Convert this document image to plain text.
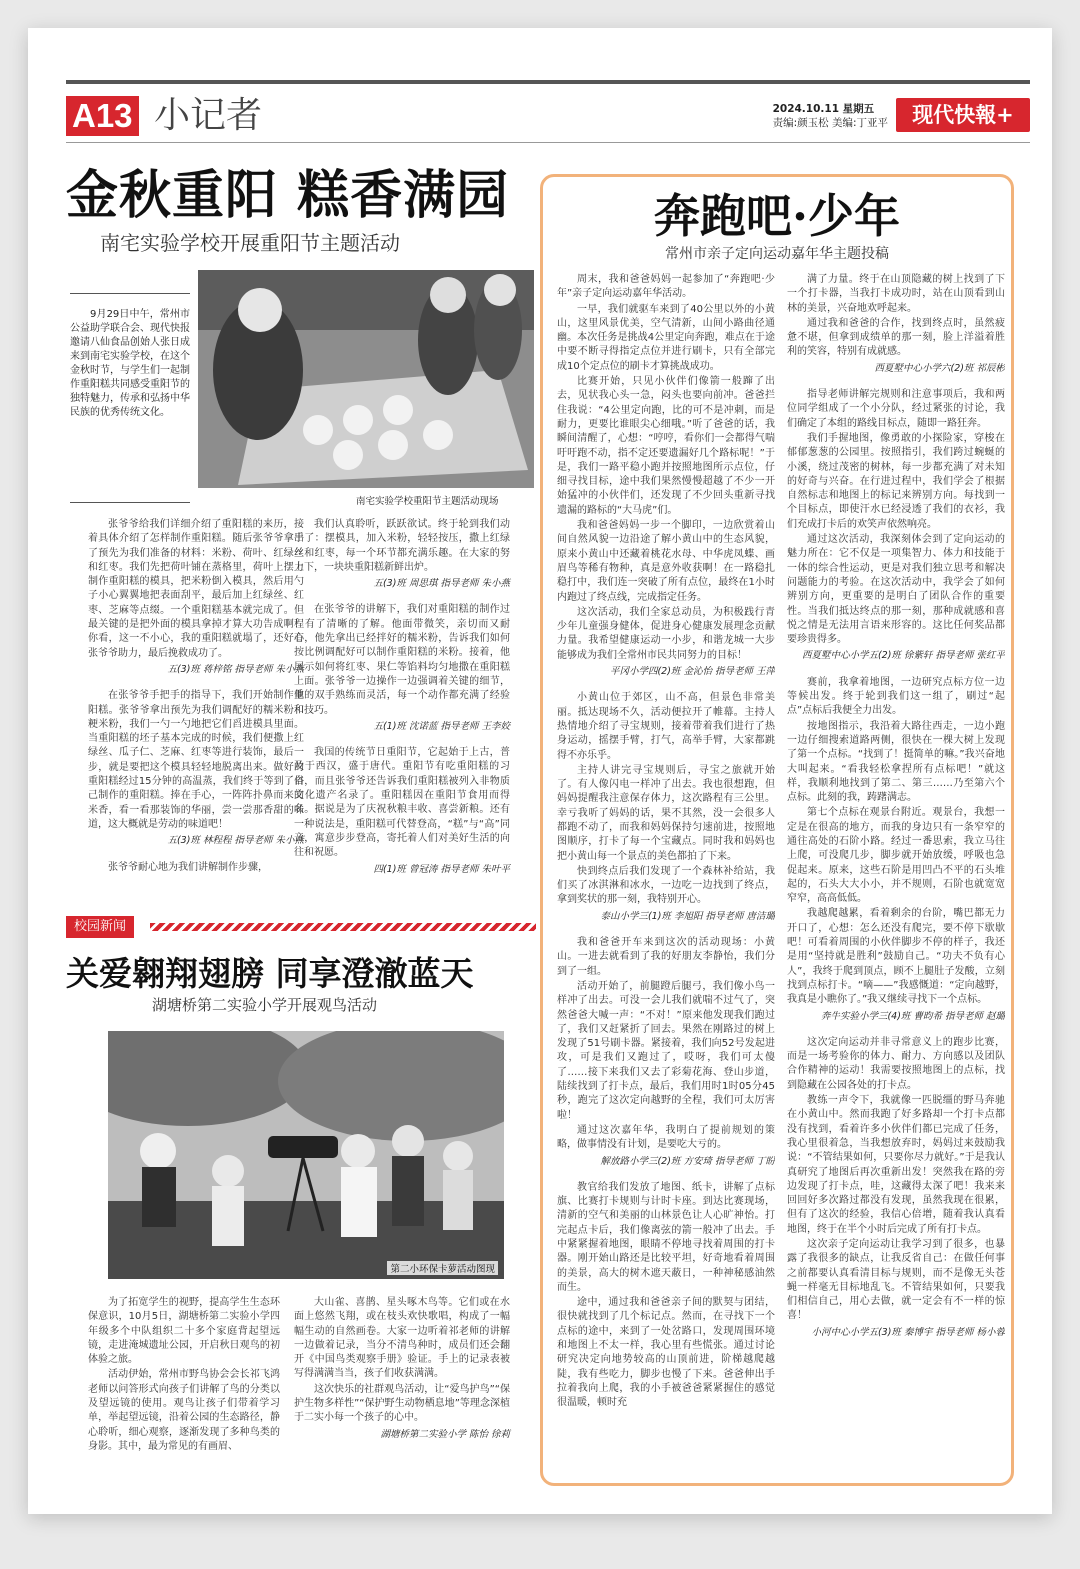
A13 小记者	2024.10.11 星期五
责编:颜玉松 美编:丁亚平	现代快報+
金秋重阳 糕香满园
南宅实验学校开展重阳节主题活动

9月29日中午，常州市公益助学联合会、现代快报邀请八仙食品创始人张日成来到南宅实验学校，在这个金秋时节，与学生们一起制作重阳糕共同感受重阳节的独特魅力，传承和弘扬中华民族的优秀传统文化。

南宅实验学校重阳节主题活动现场

张爷爷给我们详细介绍了重阳糕的来历，接着具体介绍了怎样制作重阳糕。随后张爷爷拿出了预先为我们准备的材料：米粉、荷叶、红绿丝和红枣。我们先把荷叶铺在蒸格里，荷叶上摆上制作重阳糕的模具，把米粉倒入模具，然后用勺子小心翼翼地把表面刮平，最后加上红绿丝、红枣、芝麻等点缀。一个重阳糕基本就完成了。但最关键的是把外面的模具拿掉才算大功告成啊！你看，这一不小心，我的重阳糕就塌了，还好有张爷爷助力，最后挽救成功了。

五(3)班 蒋梓铭 指导老师 朱小燕

在张爷爷手把手的指导下，我们开始制作重阳糕。张爷爷拿出预先为我们调配好的糯米粉和粳米粉，我们一勺一勺地把它们舀进模具里面。当重阳糕的坯子基本完成的时候，我们便撒上红绿丝、瓜子仁、芝麻、红枣等进行装饰，最后一步，就是要把这个模具轻轻地脱离出来。做好的重阳糕经过15分钟的高温蒸，我们终于等到了自己制作的重阳糕。捧在手心，一阵阵扑鼻而来的米香，看一看那装饰的华丽，尝一尝那香甜的味道，这大概就是劳动的味道吧！

五(3)班 林程程 指导老师 朱小燕

张爷爷耐心地为我们讲解制作步骤，

我们认真聆听，跃跃欲试。终于轮到我们动手了：摆模具，加入米粉，轻轻按压，撒上红绿丝和红枣，每一个环节都充满乐趣。在大家的努力下，一块块重阳糕新鲜出炉。

五(3)班 周思琪 指导老师 朱小燕

在张爷爷的讲解下，我们对重阳糕的制作过程有了清晰的了解。他面带微笑，亲切而又耐心，他先拿出已经拌好的糯米粉，告诉我们如何按比例调配好可以制作重阳糕的米粉。接着，他展示如何将红枣、果仁等馅料均匀地撒在重阳糕上面。张爷爷一边操作一边强调着关键的细节，他的双手熟练而灵活，每一个动作都充满了经验和技巧。

五(1)班 沈诺蓝 指导老师 王李姣

我国的传统节日重阳节，它起始于上古，普及于西汉，盛于唐代。重阳节有吃重阳糕的习俗，而且张爷爷还告诉我们重阳糕被列入非物质文化遗产名录了。重阳糕因在重阳节食用而得名。据说是为了庆祝秋粮丰收、喜尝新粮。还有一种说法是，重阳糕可代替登高，“糕”与“高”同音，寓意步步登高，寄托着人们对美好生活的向往和祝愿。

四(1)班 曾冠涛 指导老师 朱叶平
校园新闻
关爱翱翔翅膀 同享澄澈蓝天
湖塘桥第二实验小学开展观鸟活动
第二小环保卡萝活动图现

为了拓宽学生的视野，提高学生生态环保意识，10月5日，湖塘桥第二实验小学四年级多个中队组织二十多个家庭背起望远镜，走进淹城遗址公园，开启秋日观鸟的初体验之旅。

活动伊始，常州市野鸟协会会长祁飞鸿老师以问答形式向孩子们讲解了鸟的分类以及望远镜的使用。观鸟让孩子们带着学习单，举起望远镜，沿着公园的生态路径，静心聆听，细心观察，逐渐发现了多种鸟类的身影。其中，最为常见的有画眉、

大山雀、喜鹊、星头啄木鸟等。它们或在水面上悠然飞翔，或在枝头欢快歌唱，构成了一幅幅生动的自然画卷。大家一边听着祁老师的讲解一边做着记录，当分不清鸟种时，成员们还会翻开《中国鸟类观察手册》验证。手上的记录表被写得满满当当，孩子们收获满满。

这次快乐的社群观鸟活动，让“爱鸟护鸟”“保护生物多样性”“保护野生动物栖息地”等理念深植于二实小每一个孩子的心中。

湖塘桥第二实验小学 陈怡 徐莉
奔跑吧·少年
常州市亲子定向运动嘉年华主题投稿

周末，我和爸爸妈妈一起参加了“奔跑吧·少年”亲子定向运动嘉年华活动。

一早，我们就驱车来到了40公里以外的小黄山，这里风景优美，空气清新，山间小路曲径通幽。本次任务是挑战4公里定向奔跑，难点在于途中要不断寻得指定点位并进行刷卡，只有全部完成10个定点位的刷卡才算挑战成功。

比赛开始，只见小伙伴们像箭一般蹿了出去，见状我心头一急，闷头也要向前冲。爸爸拦住我说：“4公里定向跑，比的可不是冲刺，而是耐力，更要比谁眼尖心细哦。”听了爸爸的话，我瞬间清醒了，心想：“哼哼，看你们一会都得气喘吁吁跑不动，指不定还要遗漏好几个路标呢！”于是，我们一路平稳小跑并按照地图所示点位，仔细寻找目标，途中我们果然慢慢超越了不少一开始猛冲的小伙伴们，还发现了不少回头重新寻找遗漏的路标的“大马虎”们。

我和爸爸妈妈一步一个脚印，一边欣赏着山间自然风貌一边沿途了解小黄山中的生态风貌，原来小黄山中还藏着桃花水母、中华虎凤蝶、画眉鸟等稀有物种，真是意外收获啊！在一路稳扎稳打中，我们连一突破了所有点位，最终在1小时内跑过了终点线，完成指定任务。

这次活动，我们全家总动员，为积极践行青少年儿童强身健体，促进身心健康发展理念贡献力量。我希望健康运动一小步，和谐龙城一大步能够成为我们全常州市民共同努力的目标！

平冈小学四(2)班 金沁怡 指导老师 王萍

小黄山位于郊区，山不高，但景色非常美丽。抵达现场不久，活动便拉开了帷幕。主持人热情地介绍了寻宝规则，接着带着我们进行了热身运动，摇摆手臂，打气，高举手臂，大家都跳得不亦乐乎。

主持人讲完寻宝规则后，寻宝之旅就开始了。有人像闪电一样冲了出去。我也很想跑，但妈妈提醒我注意保存体力，这次路程有三公里。幸亏我听了妈妈的话，果不其然，没一会很多人都跑不动了，而我和妈妈保持匀速前进，按照地图顺序，打卡了每一个宝藏点。同时我和妈妈也把小黄山每一个景点的美色都拍了下来。

快到终点后我们发现了一个森林补给站，我们买了冰淇淋和冰水，一边吃一边找到了终点，拿到奖状的那一刻，我特别开心。

泰山小学三(1)班 李旭阳 指导老师 唐洁璐

我和爸爸开车来到这次的活动现场：小黄山。一进去就看到了我的好朋友李静怡，我们分到了一组。

活动开始了，前腿蹬后腿弓，我们像小鸟一样冲了出去。可没一会儿我们就喘不过气了，突然爸爸大喊一声：“不对！”原来他发现我们跑过了，我们又赶紧折了回去。果然在刚路过的树上发现了51号刷卡器。紧接着，我们向52号发起进攻，可是我们又跑过了，哎呀，我们可太傻了……接下来我们又去了彩菊花海、登山步道，陆续找到了打卡点，最后，我们用时1时05分45秒，跑完了这次定向越野的全程，我们可太厉害啦！

通过这次嘉年华，我明白了提前规划的策略，做事情没有计划，是要吃大亏的。

解放路小学三(2)班 方安琦 指导老师 丁盼

教官给我们发放了地图、纸卡，讲解了点标旗、比赛打卡规则与计时卡座。到达比赛现场，清新的空气和美丽的山林景色让人心旷神怡。打完起点卡后，我们像离弦的箭一般冲了出去。手中紧紧握着地图，眼睛不停地寻找着周围的打卡器。刚开始山路还是比较平坦，好奇地看着周围的美景，高大的树木遮天蔽日，一种神秘感油然而生。

途中，通过我和爸爸亲子间的默契与团结，很快就找到了几个标记点。然而，在寻找下一个点标的途中，来到了一处岔路口，发现周围环境和地图上不太一样，我心里有些慌张。通过讨论研究决定向地势较高的山顶前进，阶梯越爬越陡，我有些吃力，脚步也慢了下来。爸爸伸出手拉着我向上爬，我的小手被爸爸紧紧握住的感觉很温暖，顿时充

满了力量。终于在山顶隐藏的树上找到了下一个打卡器，当我打卡成功时，站在山顶看到山林的美景，兴奋地欢呼起来。

通过我和爸爸的合作，找到终点时，虽然疲惫不堪，但拿到成绩单的那一刻，脸上洋溢着胜利的笑容，特别有成就感。

西夏墅中心小学六(2)班 祁辰彬

指导老师讲解完规则和注意事项后，我和两位同学组成了一个小分队，经过紧张的讨论，我们确定了本组的路线目标点，随即一路狂奔。

我们手握地图，像勇敢的小探险家，穿梭在郁郁葱葱的公园里。按照指引，我们跨过蜿蜒的小溪，绕过茂密的树林，每一步都充满了对未知的好奇与兴奋。在行进过程中，我们学会了根据自然标志和地图上的标记来辨别方向。每找到一个目标点，即使汗水已经浸透了我们的衣衫，我们充成打卡后的欢笑声依然响亮。

通过这次活动，我深刻体会到了定向运动的魅力所在：它不仅是一项集智力、体力和技能于一体的综合性运动，更是对我们独立思考和解决问题能力的考验。在这次活动中，我学会了如何辨别方向，更重要的是明白了团队合作的重要性。当我们抵达终点的那一刻，那种成就感和喜悦之情是无法用言语来形容的。这比任何奖品都要珍贵得多。

西夏墅中心小学五(2)班 徐紫轩 指导老师 张红平

赛前，我拿着地图，一边研究点标方位一边等候出发。终于轮到我们这一组了，刷过“起点”点标后我便全力出发。

按地图指示，我沿着大路往西走，一边小跑一边仔细搜索道路两侧，很快在一棵大树上发现了第一个点标。“找到了！挺简单的嘛。”我兴奋地大叫起来。“看我轻松拿捏所有点标吧！”就这样，我顺利地找到了第二、第三……乃至第六个点标。此刻的我，踌躇满志。

第七个点标在观景台附近。观景台，我想一定是在很高的地方，而我的身边只有一条窄窄的通往高处的石阶小路。经过一番思索，我立马往上爬，可没爬几步，脚步就开始放缓，呼吸也急促起来。原来，这些石阶是用凹凸不平的石头堆起的，石头大大小小，并不规则，石阶也就宽宽窄窄，高高低低。

我越爬越累，看着剩余的台阶，嘴巴都无力开口了，心想：怎么还没有爬完，要不停下歇歇吧！可看着周围的小伙伴脚步不停的样子，我还是用“坚持就是胜利”鼓励自己。“功夫不负有心人”，我终于爬到顶点，顾不上腿肚子发酸，立刻找到点标打卡。“嘀——”我感慨道：“定向越野，我真是小瞧你了。”我又继续寻找下一个点标。

奔牛实验小学三(4)班 曹昀希 指导老师 赵璐

这次定向运动并非寻常意义上的跑步比赛，而是一场考验你的体力、耐力、方向感以及团队合作精神的运动！我需要按照地图上的点标，找到隐藏在公园各处的打卡点。

教练一声令下，我就像一匹脱缰的野马奔驰在小黄山中。然而我跑了好多路却一个打卡点都没有找到，看着许多小伙伴们都已完成了任务，我心里很着急，当我想放弃时，妈妈过来鼓励我说：“不管结果如何，只要你尽力就好。”于是我认真研究了地图后再次重新出发！突然我在路的旁边发现了打卡点，哇，这藏得太深了吧！我来来回回好多次路过都没有发现，虽然我现在很累，但有了这次的经验，我信心倍增，随着我认真看地图，终于在半个小时后完成了所有打卡点。

这次亲子定向运动让我学习到了很多，也暴露了我很多的缺点，让我反省自己：在做任何事之前都要认真看清目标与规则，而不是像无头苍蝇一样毫无目标地乱飞。不管结果如何，只要我们相信自己，用心去做，就一定会有不一样的惊喜！

小河中心小学五(3)班 秦博宇 指导老师 杨小蓉
